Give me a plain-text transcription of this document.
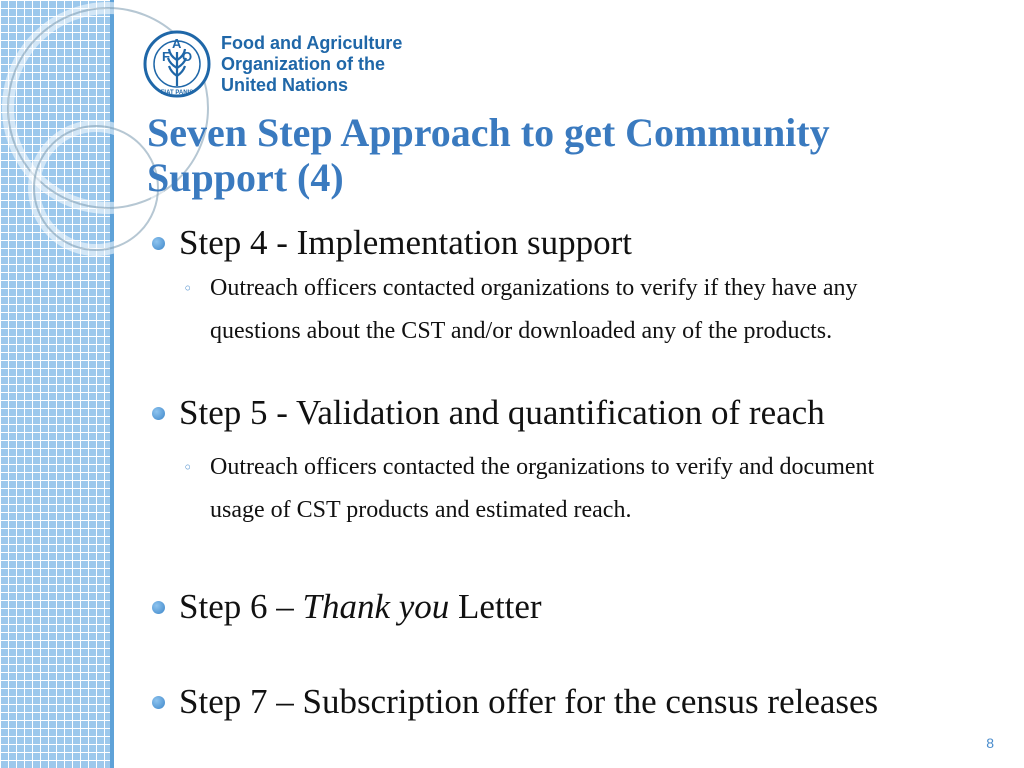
F
A
O
FIAT PANIS
Food and Agriculture
Organization of the
United Nations
Seven Step Approach to get Community
Support (4)
Step 4 - Implementation support
◦ Outreach officers contacted organizations to verify if they have any
questions about the CST and/or downloaded any of the products.
Step 5 - Validation and quantification of reach
◦ Outreach officers contacted the organizations to verify and document
usage of CST products and estimated reach.
Step 6 – Thank you Letter
Step 7 – Subscription offer for the census releases
8
